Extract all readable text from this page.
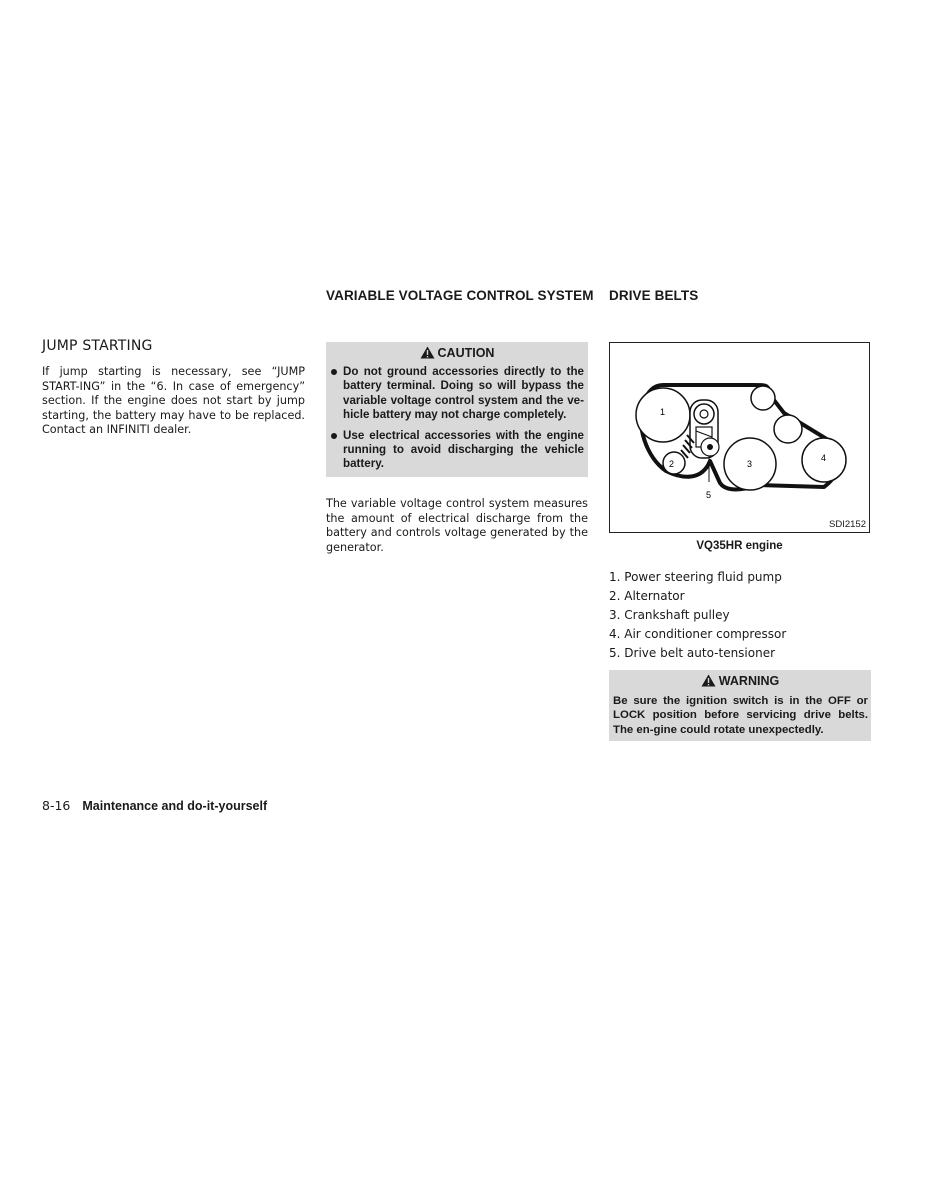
JUMP STARTING

If jump starting is necessary, see “JUMP START-ING” in the “6. In case of emergency” section. If the engine does not start by jump starting, the battery may have to be replaced. Contact an INFINITI dealer.

VARIABLE VOLTAGE CONTROL SYSTEM
CAUTION
Do not ground accessories directly to the battery terminal. Doing so will bypass the variable voltage control system and the ve-hicle battery may not charge completely.
Use electrical accessories with the engine running to avoid discharging the vehicle battery.

The variable voltage control system measures the amount of electrical discharge from the battery and controls voltage generated by the generator.

DRIVE BELTS
1
2	3
4
5
SDI2152
VQ35HR engine
1. Power steering fluid pump
2. Alternator
3. Crankshaft pulley
4. Air conditioner compressor
5. Drive belt auto-tensioner
WARNING

Be sure the ignition switch is in the OFF or LOCK position before servicing drive belts. The en-gine could rotate unexpectedly.

8-16 Maintenance and do-it-yourself
